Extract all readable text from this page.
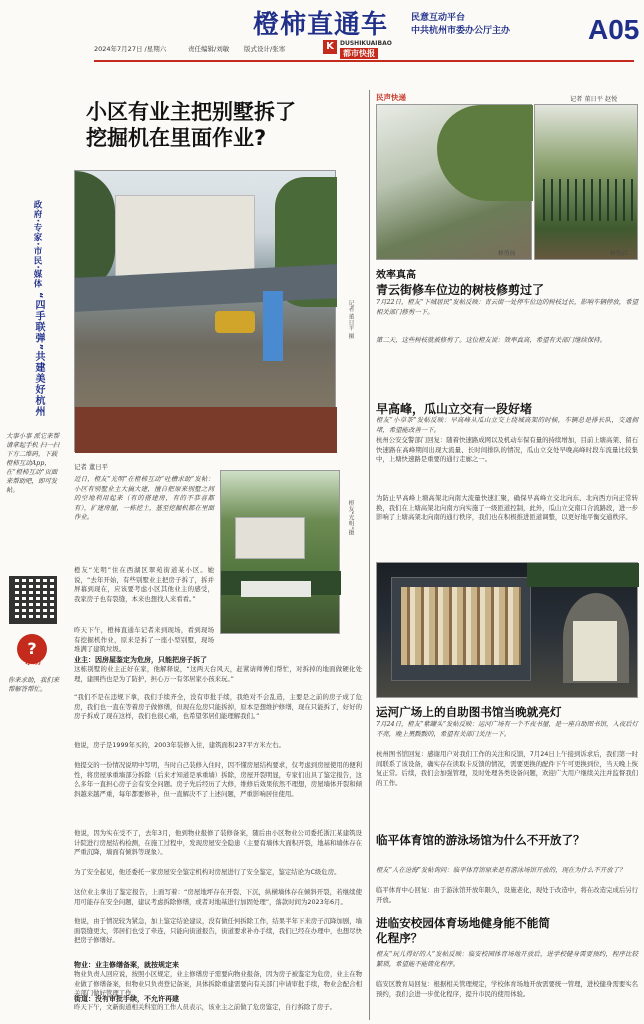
橙柿直通车	民意互动平台
中共杭州市委办公厅主办	A05
2024年7月27日 /星期六	责任编辑/刘敏 版式设计/张寒	K	DUSHIKUAIBAO
都市快报
政府·专家·市民·媒体
“四手联弹”共建美好杭州
大事小事 派它来帮 请拿起手机 扫一扫下方二维码，下载橙柿互动App，在“橙柿互动”页面来帮助吧，即可发帖。
?
求助
你来求助，我们来帮解答帮忙。
小区有业主把别墅拆了
挖掘机在里面作业?
记者 董日平 摄
记者 董日平
近日，橙友“光明”在橙柿互动“吐槽求助”发帖：小区有别墅业主大搞大建，擅自把原来别墅之间的空地利用起来（有的搭建房，有的不恭喜都有），扩建房屋，一栋挖土，基至挖掘机都在里面作业。
橙友“光明”住在西湖区翠苑街道某小区。她说，“去年开始，有些别墅业主把房子拆了，拆并屏幕到现在，应该要考虑小区其他业主的感受，我家房子也有裂缝，本来也想找人来看看。”
昨天下午，橙柿直通车记者来到现场，看到现场有挖掘机作业，原来是拆了一座小型别墅，现场堆满了建筑垃圾。
橙友“光明”摄
业主：因房屋鉴定为危房，只能把房子拆了
这栋别墅的业主正好在家，他解释说，“这两天台风天，赶紧请师傅们帮忙，对拆掉的地面做硬化处理，建围挡也是为了防护，担心万一有邻居家小孩来玩。”
“我们不是在违规下拿，我们手续齐全，没有审批手续，我绝对不会乱造，主要是之前的房子成了危房，我们也一直在等着房子做修缮，但现在危房只能拆掉，原本是想维护修缮，现在只能拆了，好好的房子拆成了现在这样，我们也很心痛，也希望邻居们能理解我们。”
他说，房子是1999年买的，2003年装修入住，建筑面积237平方米左右。
他提交的一份情况说明中写明，当时自己装修入住时，因不懂房屋结构要求，仅考虑到房屋使用的便利性，将房屋承重墙部分拆除（后来才知道是承重墙）拆除，房屋开裂明显，专家们出具了鉴定报告，这么多年一直担心房子会有安全问题。房子先后经历了大修，维修后效果依然不理想，房屋墙体开裂和倾斜越来越严重，每年都要修补，但一直解决不了上述问题，严重影响居住使用。
他说，因为实在受不了，去年3月，他到物业报修了装修备案，随后由小区物业公司委托浙江某建筑设计院进行房屋结构检测，在施工过程中，发现房屋安全隐患（主要有墙体大面积开裂，地基和墙体存在严重沉降，墙面有倾斜等现象）。
为了安全起见，他还委托一家房屋安全鉴定机构对房屋进行了安全鉴定，鉴定结论为C级危房。
这位业主拿出了鉴定报告，上面写着：“房屋地坪存在开裂、下沉，纵横墙体存在倾斜开裂，若继续使用可能存在安全问题，建议考虑拆除修缮，或者对地基进行加固处理”，落款时间为2023年6月。
他说，由于情况较为紧急，加上鉴定结论建议，没有做任何拆除工作，结果半年下来房子沉降加剧，墙面裂缝更大，邻居们也受了牵连，只能向街道报告，街道要求补办手续，我们已经在办理中，也想尽快把房子修缮好。
物业：业主修缮备案，就按规定来
物业负责人回应说，按照小区规定，业主修缮房子需要向物业报备，因为房子被鉴定为危房，业主在物业做了修缮备案，但物业只负责登记备案，具体拆除重建需要向有关部门申请审批手续，物业会配合相关部门做好管理工作。
街道：没有审批手续，不允许再建
昨天下午，文新街道相关科室的工作人员表示，该业主之前做了危房鉴定，自行拆除了房子。
民声快递	记者 董日平 赵悦
修剪前	修剪后
效率真高
青云街修车位边的树枝修剪过了
7月22日，橙友“下城居民”发帖反映：青云街一处停车位边的树枝过长，影响车辆停放，希望相关部门修剪一下。
第二天，这些树枝就被修剪了。这位橙友说：效率真高，希望有关部门继续保持。
早高峰，瓜山立交有一段好堵
橙友“小草茶”发帖反映：早高峰从瓜山立交上绕城高架的时候，车辆总是排长队，交通拥堵，希望能改善一下。
杭州公安交警部门回复：随着快速路成网以及机动车保有量的持续增加，目前上塘高架、留石快速路在高峰期间出现大流量、长时间排队的情况，瓜山立交处早晚高峰时段车流量比较集中，上塘快速路是重要的通行走廊之一。
为防止早高峰上塘高架北向南大流量快速汇聚，确保早高峰立交北向东、北向西方向正常转换，我们在上塘高架北向南方向实施了一级匝道控制，此外，瓜山立交南口合流路段，进一步影响了上塘高架北向南的通行秩序，我们也在积极推进匝道调整，以更好地平衡交通秩序。
运河广场上的自助图书馆当晚就亮灯
7月24日，橙友“紫罐头”发帖反映：运河广场有一个不夜书屋，是一座自助图书馆，入夜后灯不亮，晚上黑黢黢的，希望有关部门关注一下。
杭州图书馆回复：感谢用户对我们工作的关注和反馈，7月24日上午接到诉求后，我们第一时间联系了该设备，确实存在读取卡反馈的情况，需要更换的配件下午可更换到位，当天晚上恢复正常。后续，我们会加强管理，及时处理各类设备问题，欢迎广大用户继续关注并监督我们的工作。
临平体育馆的游泳场馆为什么不开放了？
橙友“人在沧海”发帖询问：临平体育馆原来是有游泳场馆开放的，现在为什么不开放了？
临平体育中心回复：由于游泳馆开放年限久，设施老化，现处于改造中，将在改造完成后另行开放。
进临安校园体育场地健身能不能简化程序？
橙友“玩儿得好的人”发帖反映：临安校园体育场地开放后，进学校健身需要预约，程序比较繁琐，希望能不能简化程序。
临安区教育局回复：根据相关管理规定，学校体育场地开放需要统一管理，进校健身需要实名预约，我们会进一步优化程序，提升市民的使用体验。
